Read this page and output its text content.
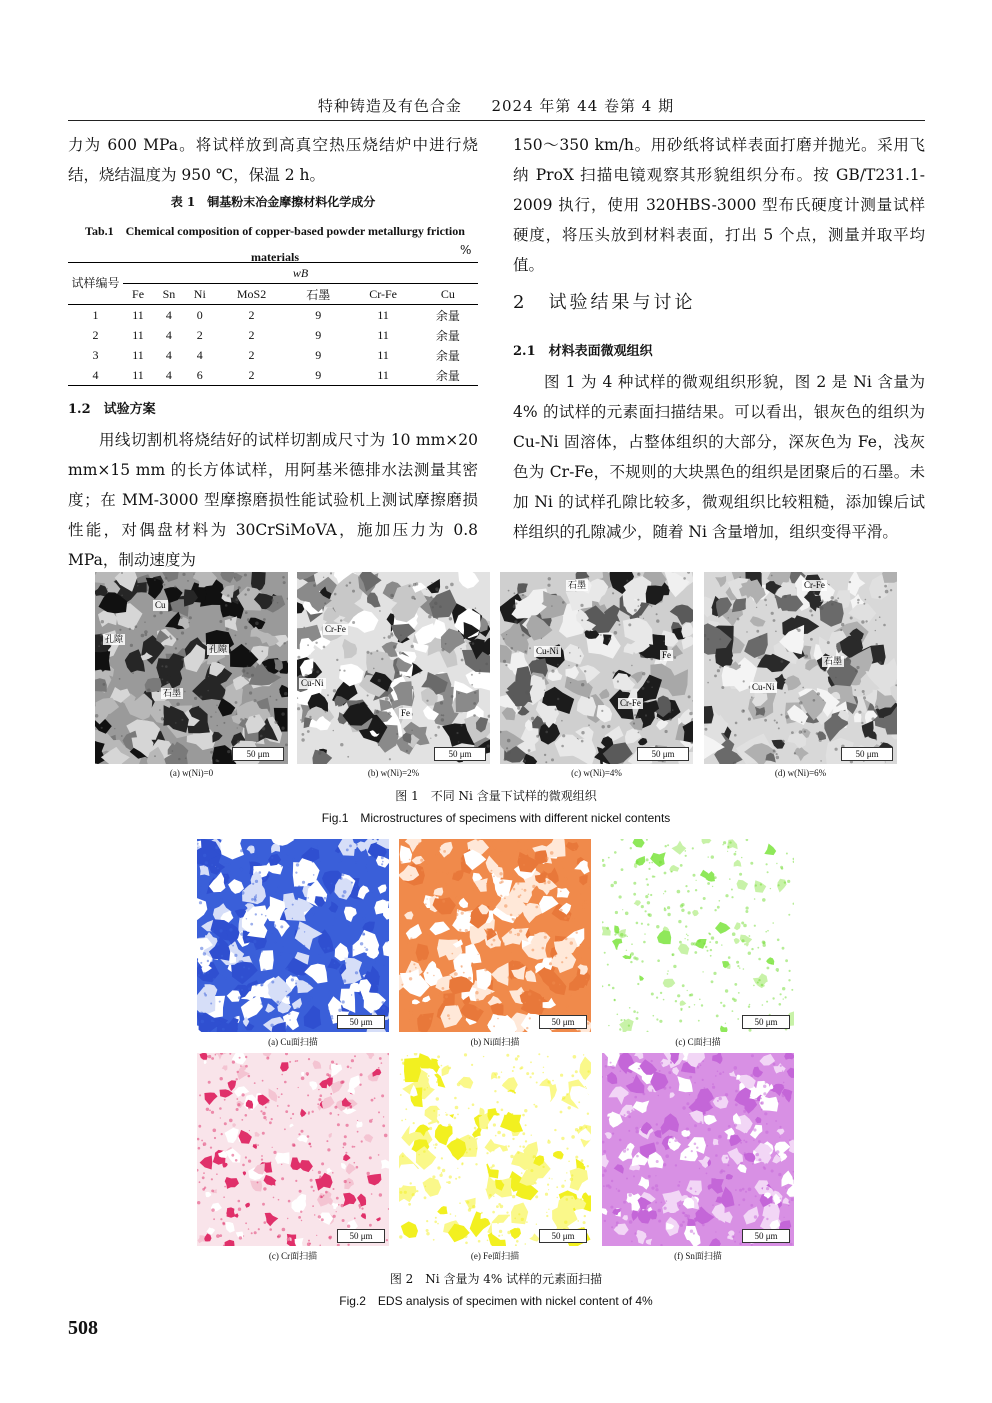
特种铸造及有色合金 2024 年第 44 卷第 4 期
力为 600 MPa。将试样放到高真空热压烧结炉中进行烧结，烧结温度为 950 ℃，保温 2 h。
表 1　铜基粉末冶金摩擦材料化学成分
Tab.1　Chemical composition of copper-based powder metallurgy friction materials	%
试样编号	wB						
	Fe	Sn	Ni	MoS2	石墨	Cr-Fe	Cu
1	11	4	0	2	9	11	余量
2	11	4	2	2	9	11	余量
3	11	4	4	2	9	11	余量
4	11	4	6	2	9	11	余量
1.2　试验方案
用线切割机将烧结好的试样切割成尺寸为 10 mm×20 mm×15 mm 的长方体试样，用阿基米德排水法测量其密度；在 MM-3000 型摩擦磨损性能试验机上测试摩擦磨损性能，对偶盘材料为 30CrSiMoVA，施加压力为 0.8 MPa，制动速度为
150～350 km/h。用砂纸将试样表面打磨并抛光。采用飞纳 ProX 扫描电镜观察其形貌组织分布。按 GB/T231.1-2009 执行，使用 320HBS-3000 型布氏硬度计测量试样硬度，将压头放到材料表面，打出 5 个点，测量并取平均值。
2　试验结果与讨论
2.1　材料表面微观组织
图 1 为 4 种试样的微观组织形貌，图 2 是 Ni 含量为 4% 的试样的元素面扫描结果。可以看出，银灰色的组织为 Cu-Ni 固溶体，占整体组织的大部分，深灰色为 Fe，浅灰色为 Cr-Fe，不规则的大块黑色的组织是团聚后的石墨。未加 Ni 的试样孔隙比较多，微观组织比较粗糙，添加镍后试样组织的孔隙减少，随着 Ni 含量增加，组织变得平滑。
Cu
孔隙
孔隙
石墨
50 μm
(a) w(Ni)=0
Cr-Fe
Cu-Ni
Fe
50 μm
(b) w(Ni)=2%
石墨
Cu-Ni	Fe
Cr-Fe
50 μm
(c) w(Ni)=4%
Cr-Fe
石墨
Cu-Ni
50 μm
(d) w(Ni)=6%
图 1　不同 Ni 含量下试样的微观组织
Fig.1　Microstructures of specimens with different nickel contents
50 μm
(a) Cu面扫描
50 μm
(b) Ni面扫描
50 μm
(c) C面扫描
50 μm
(c) Cr面扫描
50 μm
(e) Fe面扫描
50 μm
(f) Sn面扫描
图 2　Ni 含量为 4% 试样的元素面扫描
Fig.2　EDS analysis of specimen with nickel content of 4%
508
